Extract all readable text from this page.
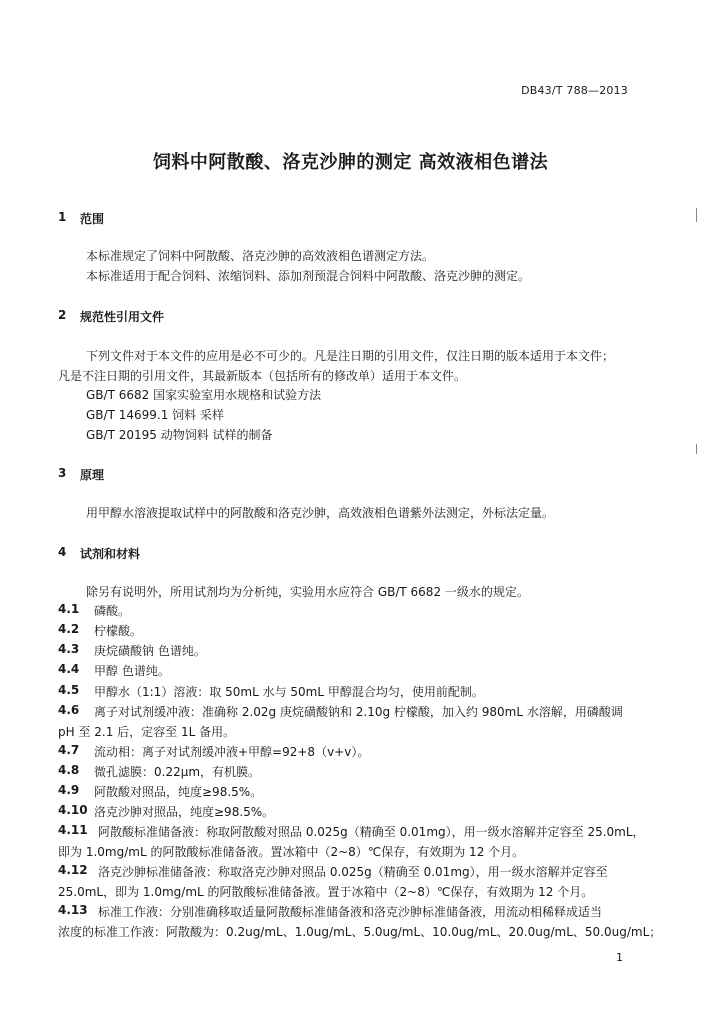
DB43/T 788—2013
饲料中阿散酸、洛克沙胂的测定 高效液相色谱法
1 范围
本标准规定了饲料中阿散酸、洛克沙胂的高效液相色谱测定方法。
本标准适用于配合饲料、浓缩饲料、添加剂预混合饲料中阿散酸、洛克沙胂的测定。
2 规范性引用文件
下列文件对于本文件的应用是必不可少的。凡是注日期的引用文件，仅注日期的版本适用于本文件；
凡是不注日期的引用文件，其最新版本（包括所有的修改单）适用于本文件。
GB/T 6682 国家实验室用水规格和试验方法
GB/T 14699.1 饲料 采样
GB/T 20195 动物饲料 试样的制备
3 原理
用甲醇水溶液提取试样中的阿散酸和洛克沙胂，高效液相色谱紫外法测定，外标法定量。
4 试剂和材料
除另有说明外，所用试剂均为分析纯，实验用水应符合 GB/T 6682 一级水的规定。
4.1 磷酸。
4.2 柠檬酸。
4.3 庚烷磺酸钠 色谱纯。
4.4 甲醇 色谱纯。
4.5 甲醇水（1:1）溶液：取 50mL 水与 50mL 甲醇混合均匀，使用前配制。
4.6 离子对试剂缓冲液：准确称 2.02g 庚烷磺酸钠和 2.10g 柠檬酸，加入约 980mL 水溶解，用磷酸调
pH 至 2.1 后，定容至 1L 备用。
4.7 流动相：离子对试剂缓冲液+甲醇=92+8（v+v）。
4.8 微孔滤膜：0.22μm，有机膜。
4.9 阿散酸对照品，纯度≥98.5%。
4.10 洛克沙胂对照品，纯度≥98.5%。
4.11 阿散酸标准储备液：称取阿散酸对照品 0.025g（精确至 0.01mg），用一级水溶解并定容至 25.0mL，
即为 1.0mg/mL 的阿散酸标准储备液。置冰箱中（2~8）℃保存，有效期为 12 个月。
4.12 洛克沙胂标准储备液：称取洛克沙胂对照品 0.025g（精确至 0.01mg），用一级水溶解并定容至
25.0mL，即为 1.0mg/mL 的阿散酸标准储备液。置于冰箱中（2~8）℃保存，有效期为 12 个月。
4.13 标准工作液：分别准确移取适量阿散酸标准储备液和洛克沙胂标准储备液，用流动相稀释成适当
浓度的标准工作液：阿散酸为：0.2ug/mL、1.0ug/mL、5.0ug/mL、10.0ug/mL、20.0ug/mL、50.0ug/mL；
1
